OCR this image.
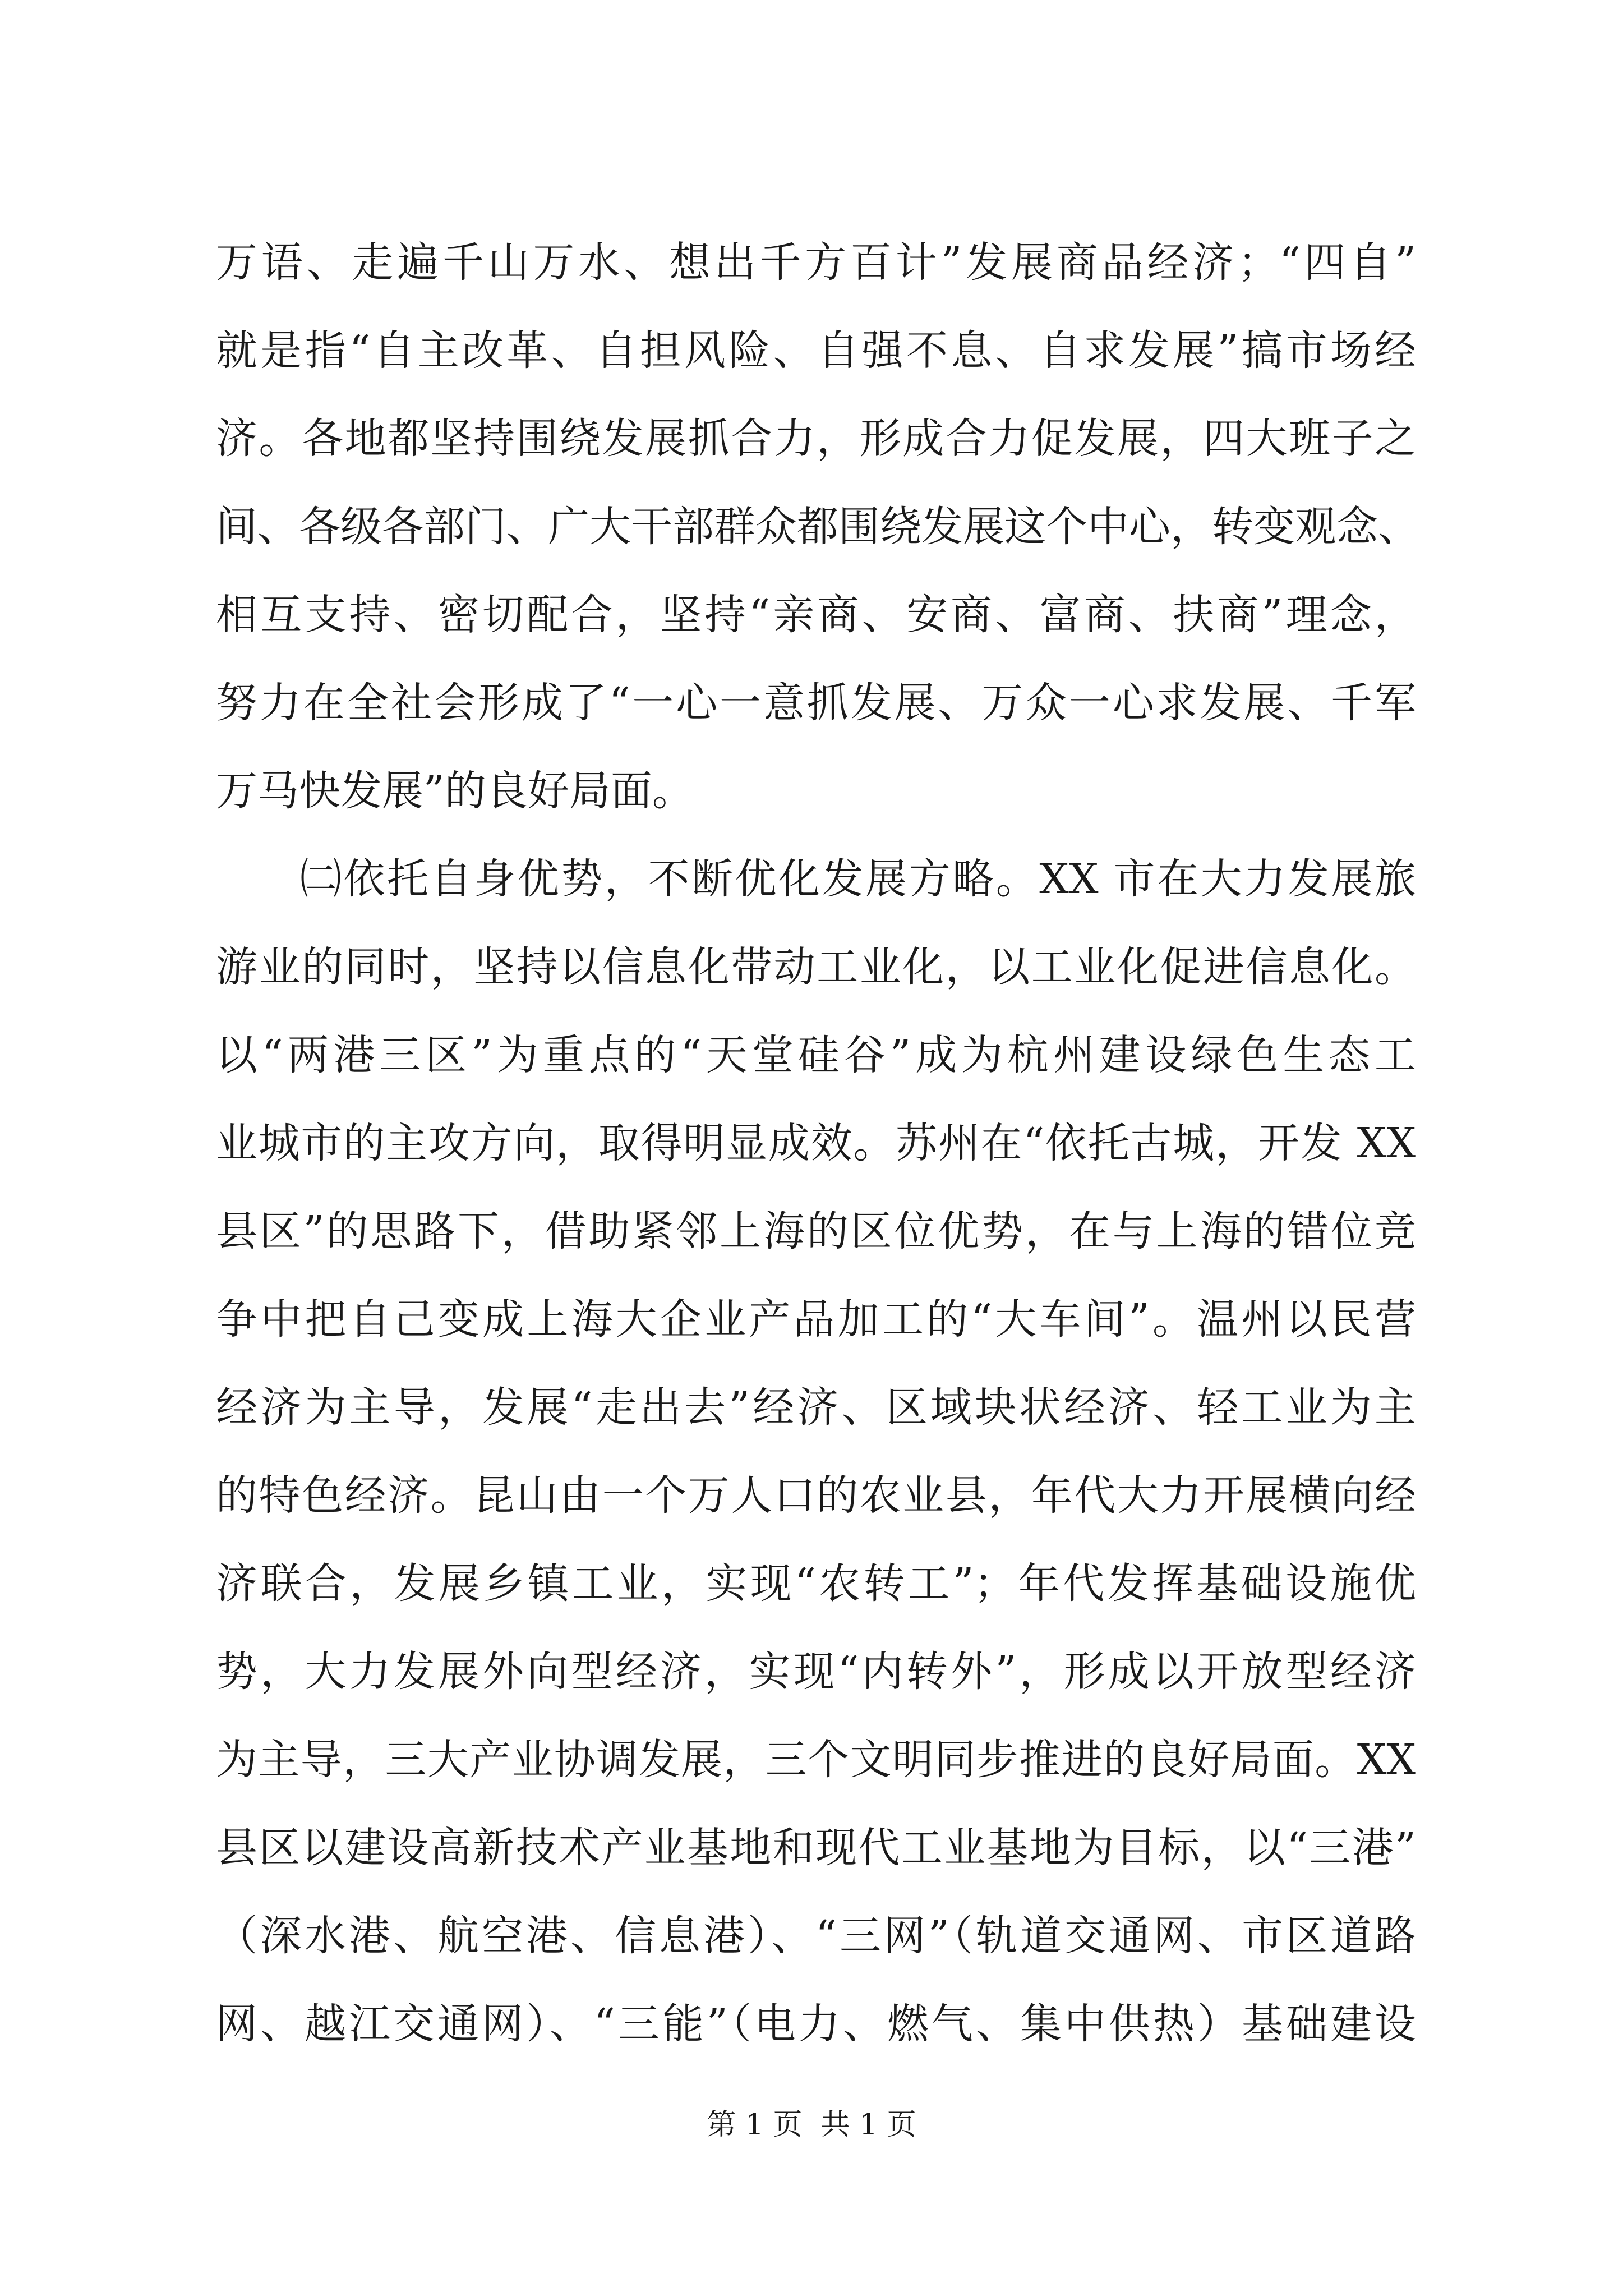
万语、走遍千山万水、想出千方百计”发展商品经济；“四自”
就是指“自主改革、自担风险、自强不息、自求发展”搞市场经
济。各地都坚持围绕发展抓合力，形成合力促发展，四大班子之
间、各级各部门、广大干部群众都围绕发展这个中心，转变观念、
相互支持、密切配合，坚持“亲商、安商、富商、扶商”理念，
努力在全社会形成了“一心一意抓发展、万众一心求发展、千军
万马快发展”的良好局面。
㈡依托自身优势，不断优化发展方略。XX 市在大力发展旅
游业的同时，坚持以信息化带动工业化，以工业化促进信息化。
以“两港三区”为重点的“天堂硅谷”成为杭州建设绿色生态工
业城市的主攻方向，取得明显成效。苏州在“依托古城，开发 XX
县区”的思路下，借助紧邻上海的区位优势，在与上海的错位竞
争中把自己变成上海大企业产品加工的“大车间”。温州以民营
经济为主导，发展“走出去”经济、区域块状经济、轻工业为主
的特色经济。昆山由一个万人口的农业县，年代大力开展横向经
济联合，发展乡镇工业，实现“农转工”；年代发挥基础设施优
势，大力发展外向型经济，实现“内转外”，形成以开放型经济
为主导，三大产业协调发展，三个文明同步推进的良好局面。XX
县区以建设高新技术产业基地和现代工业基地为目标，以“三港”
（深水港、航空港、信息港）、“三网”（轨道交通网、市区道路
网、越江交通网）、“三能”（电力、燃气、集中供热）基础建设
第 1 页  共 1 页
